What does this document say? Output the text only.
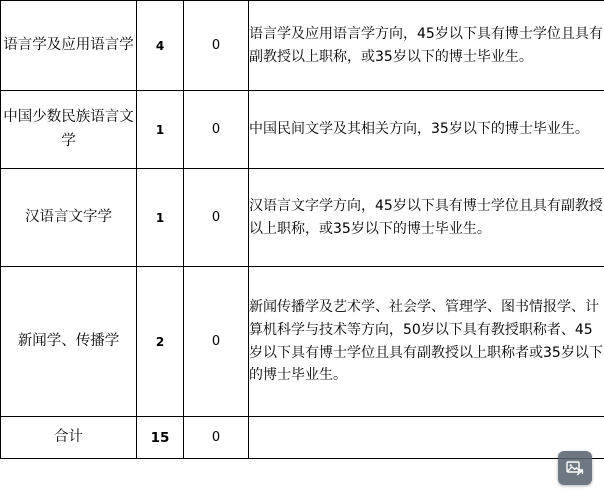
语言学及应用语言学	4	0	语言学及应用语言学方向，45岁以下具有博士学位且具有副教授以上职称，或35岁以下的博士毕业生。
中国少数民族语言文学	1	0	中国民间文学及其相关方向，35岁以下的博士毕业生。
汉语言文字学	1	0	汉语言文字学方向，45岁以下具有博士学位且具有副教授以上职称，或35岁以下的博士毕业生。
新闻学、传播学	2	0	新闻传播学及艺术学、社会学、管理学、图书情报学、计算机科学与技术等方向，50岁以下具有教授职称者、45岁以下具有博士学位且具有副教授以上职称者或35岁以下的博士毕业生。
合计	15	0	
